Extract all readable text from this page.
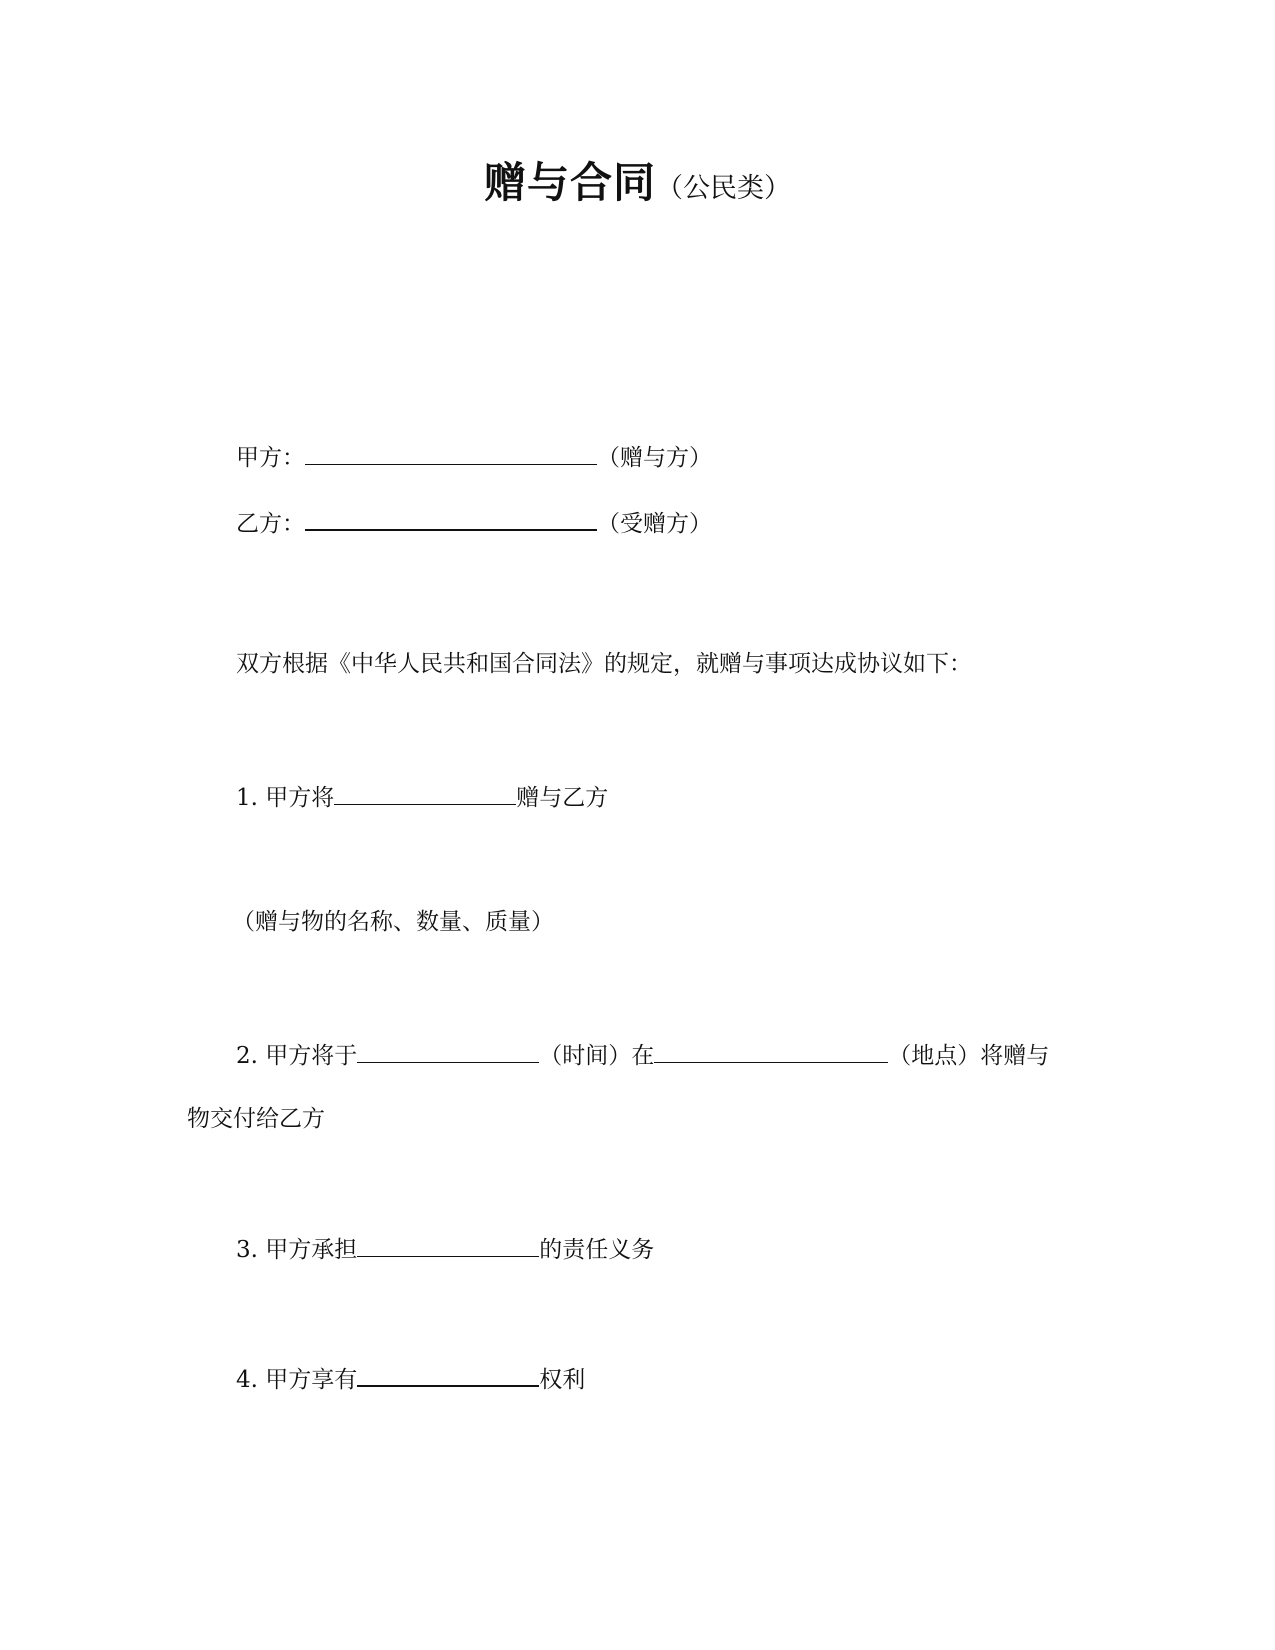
赠与合同（公民类）
甲方：	（赠与方）
乙方：	（受赠方）
双方根据《中华人民共和国合同法》的规定，就赠与事项达成协议如下：
1. 甲方将	赠与乙方
（赠与物的名称、数量、质量）
2. 甲方将于	（时间）在	（地点）将赠与
物交付给乙方
3. 甲方承担	的责任义务
4. 甲方享有	权利
